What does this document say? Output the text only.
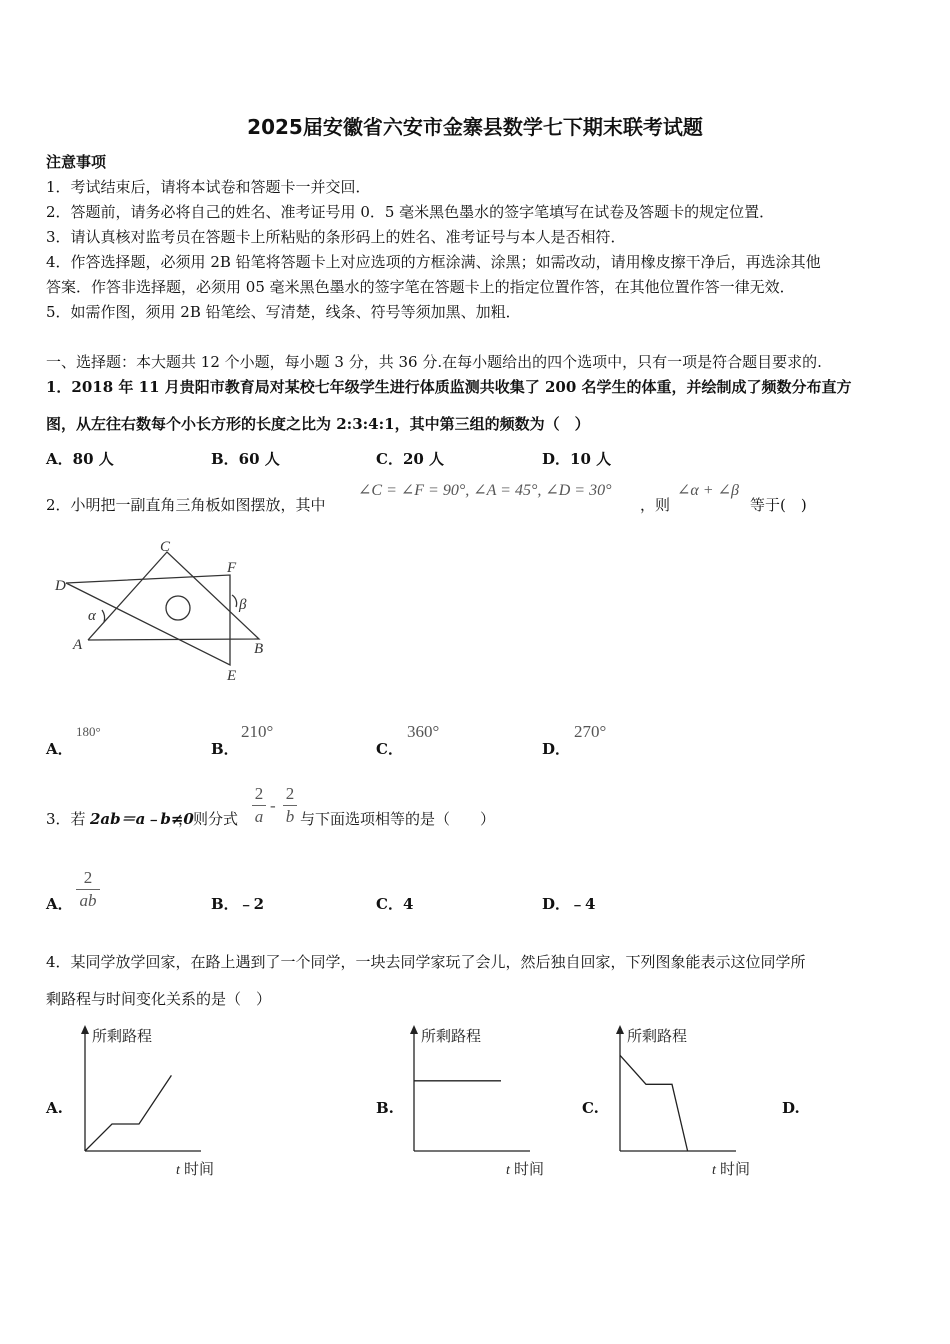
2025届安徽省六安市金寨县数学七下期末联考试题
注意事项
1．考试结束后，请将本试卷和答题卡一并交回．
2．答题前，请务必将自己的姓名、准考证号用 0．5 毫米黑色墨水的签字笔填写在试卷及答题卡的规定位置．
3．请认真核对监考员在答题卡上所粘贴的条形码上的姓名、准考证号与本人是否相符．
4．作答选择题，必须用 2B 铅笔将答题卡上对应选项的方框涂满、涂黑；如需改动，请用橡皮擦干净后，再选涂其他
答案．作答非选择题，必须用 05 毫米黑色墨水的签字笔在答题卡上的指定位置作答，在其他位置作答一律无效．
5．如需作图，须用 2B 铅笔绘、写清楚，线条、符号等须加黑、加粗．
一、选择题：本大题共 12 个小题，每小题 3 分，共 36 分.在每小题给出的四个选项中，只有一项是符合题目要求的.
1．2018 年 11 月贵阳市教育局对某校七年级学生进行体质监测共收集了 200 名学生的体重，并绘制成了频数分布直方
图，从左往右数每个小长方形的长度之比为 2:3:4:1，其中第三组的频数为（　）
A．80 人	B．60 人	C．20 人	D．10 人
2．小明把一副直角三角板如图摆放，其中
∠C = ∠F = 90°, ∠A = 45°, ∠D = 30°
，则
∠α + ∠β
等于(　)
C
F
D
α
β
A	B
E
A．
180°
B．
210°
C．
360°
D．
270°
3．若 2ab＝a﹣b≠0
，则分式
2
a
-
2
b 与下面选项相等的是（　　）
A．
2
ab	B．﹣2	C．4	D．﹣4
4．某同学放学回家，在路上遇到了一个同学，一块去同学家玩了会儿，然后独自回家，下列图象能表示这位同学所
剩路程与时间变化关系的是（　）
A.	B.	C.	D.
所剩路程
t 时间
所剩路程
t 时间
所剩路程
t 时间
